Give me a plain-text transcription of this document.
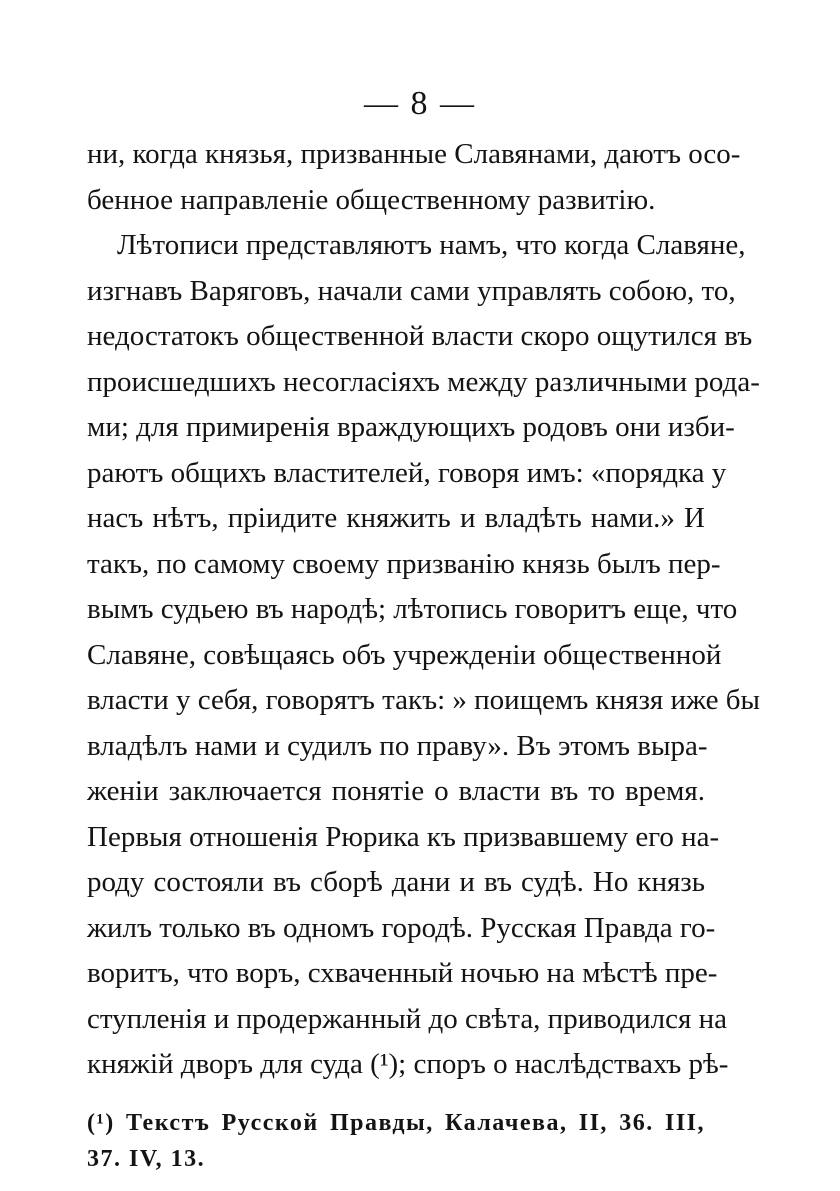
— 8 —
ни, когда князья, призванные Славянами, даютъ осо-
бенное направленіе общественному развитію.
Лѣтописи представляютъ намъ, что когда Славяне,
изгнавъ Варяговъ, начали сами управлять собою, то,
недостатокъ общественной власти скоро ощутился въ
происшедшихъ несогласіяхъ между различными рода-
ми; для примиренія враждующихъ родовъ они изби-
раютъ общихъ властителей, говоря имъ: «порядка у
насъ нѣтъ, пріидите княжить и владѣть нами.» И
такъ, по самому своему призванію князь былъ пер-
вымъ судьею въ народѣ; лѣтопись говоритъ еще, что
Славяне, совѣщаясь объ учрежденіи общественной
власти у себя, говорятъ такъ: » поищемъ князя иже бы
владѣлъ нами и судилъ по праву». Въ этомъ выра-
женіи заключается понятіе о власти въ то время.
Первыя отношенія Рюрика къ призвавшему его на-
роду состояли въ сборѣ дани и въ судѣ. Но князь
жилъ только въ одномъ городѣ. Русская Правда го-
воритъ, что воръ, схваченный ночью на мѣстѣ пре-
ступленія и продержанный до свѣта, приводился на
княжій дворъ для суда (¹); споръ о наслѣдствахъ рѣ-
(¹) Текстъ Русской Правды, Калачева, II, 36. III,
37. IV, 13.
